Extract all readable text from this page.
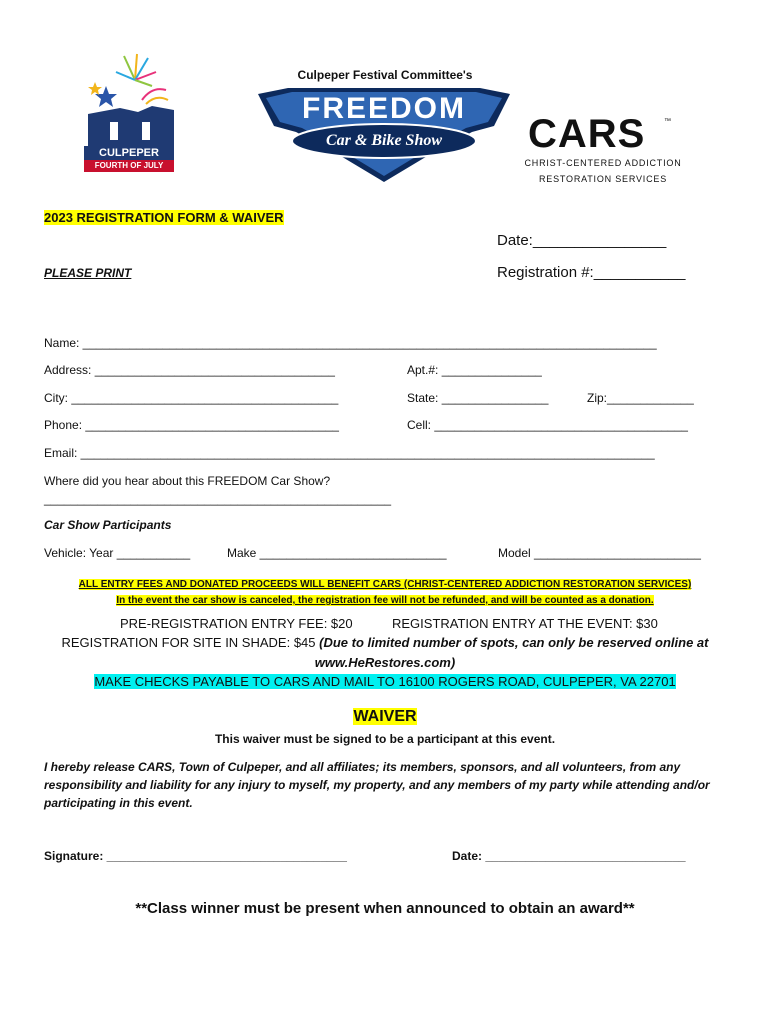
Culpeper Festival Committee's
CULPEPER
FOURTH OF JULY
FREEDOM
Car & Bike Show	CARS	™
CHRIST-CENTERED ADDICTION
RESTORATION SERVICES
2023 REGISTRATION FORM & WAIVER
Date:________________
Registration #:___________
PLEASE PRINT
Name: ______________________________________________________________________________________
Address: ____________________________________	Apt.#: _______________
City: ________________________________________	State: ________________	Zip:_____________
Phone: ______________________________________	Cell: ______________________________________
Email: ______________________________________________________________________________________
Where did you hear about this FREEDOM Car Show?
____________________________________________________
Car Show Participants
Vehicle: Year ___________	Make ____________________________	Model _________________________
ALL ENTRY FEES AND DONATED PROCEEDS WILL BENEFIT CARS (CHRIST-CENTERED ADDICTION RESTORATION SERVICES)
In the event the car show is canceled, the registration fee will not be refunded, and will be counted as a donation.
PRE-REGISTRATION ENTRY FEE: $20	REGISTRATION ENTRY AT THE EVENT: $30
REGISTRATION FOR SITE IN SHADE: $45 (Due to limited number of spots, can only be reserved online at
www.HeRestores.com)
MAKE CHECKS PAYABLE TO CARS AND MAIL TO 16100 ROGERS ROAD, CULPEPER, VA 22701
WAIVER
This waiver must be signed to be a participant at this event.
I hereby release CARS, Town of Culpeper, and all affiliates; its members, sponsors, and all volunteers, from any responsibility and liability for any injury to myself, my property, and any members of my party while attending and/or participating in this event.
Signature: ____________________________________	Date: ______________________________
**Class winner must be present when announced to obtain an award**
